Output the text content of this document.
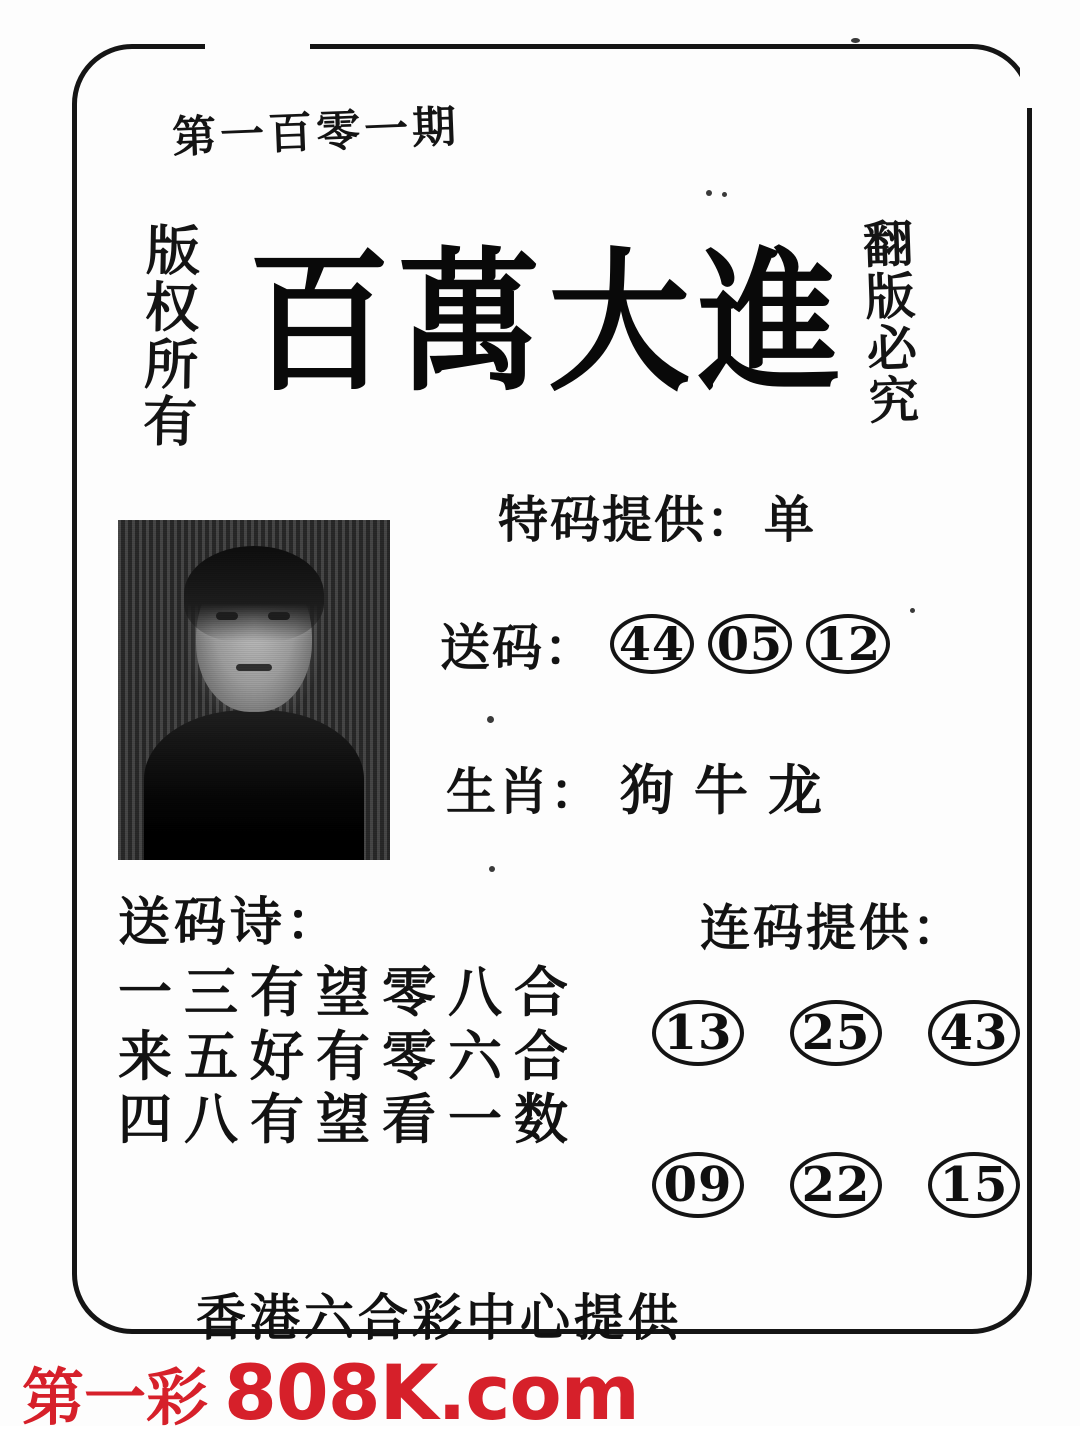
第一百零一期
版权所有	翻版必究
百萬大進
特码提供： 单
送码： 44 05 12
生肖： 狗 牛 龙
送码诗：
一三有望零八合
来五好有零六合
四八有望看一数
连码提供：
13 25 43
09 22 15
香港六合彩中心提供
第一彩 808K.com
